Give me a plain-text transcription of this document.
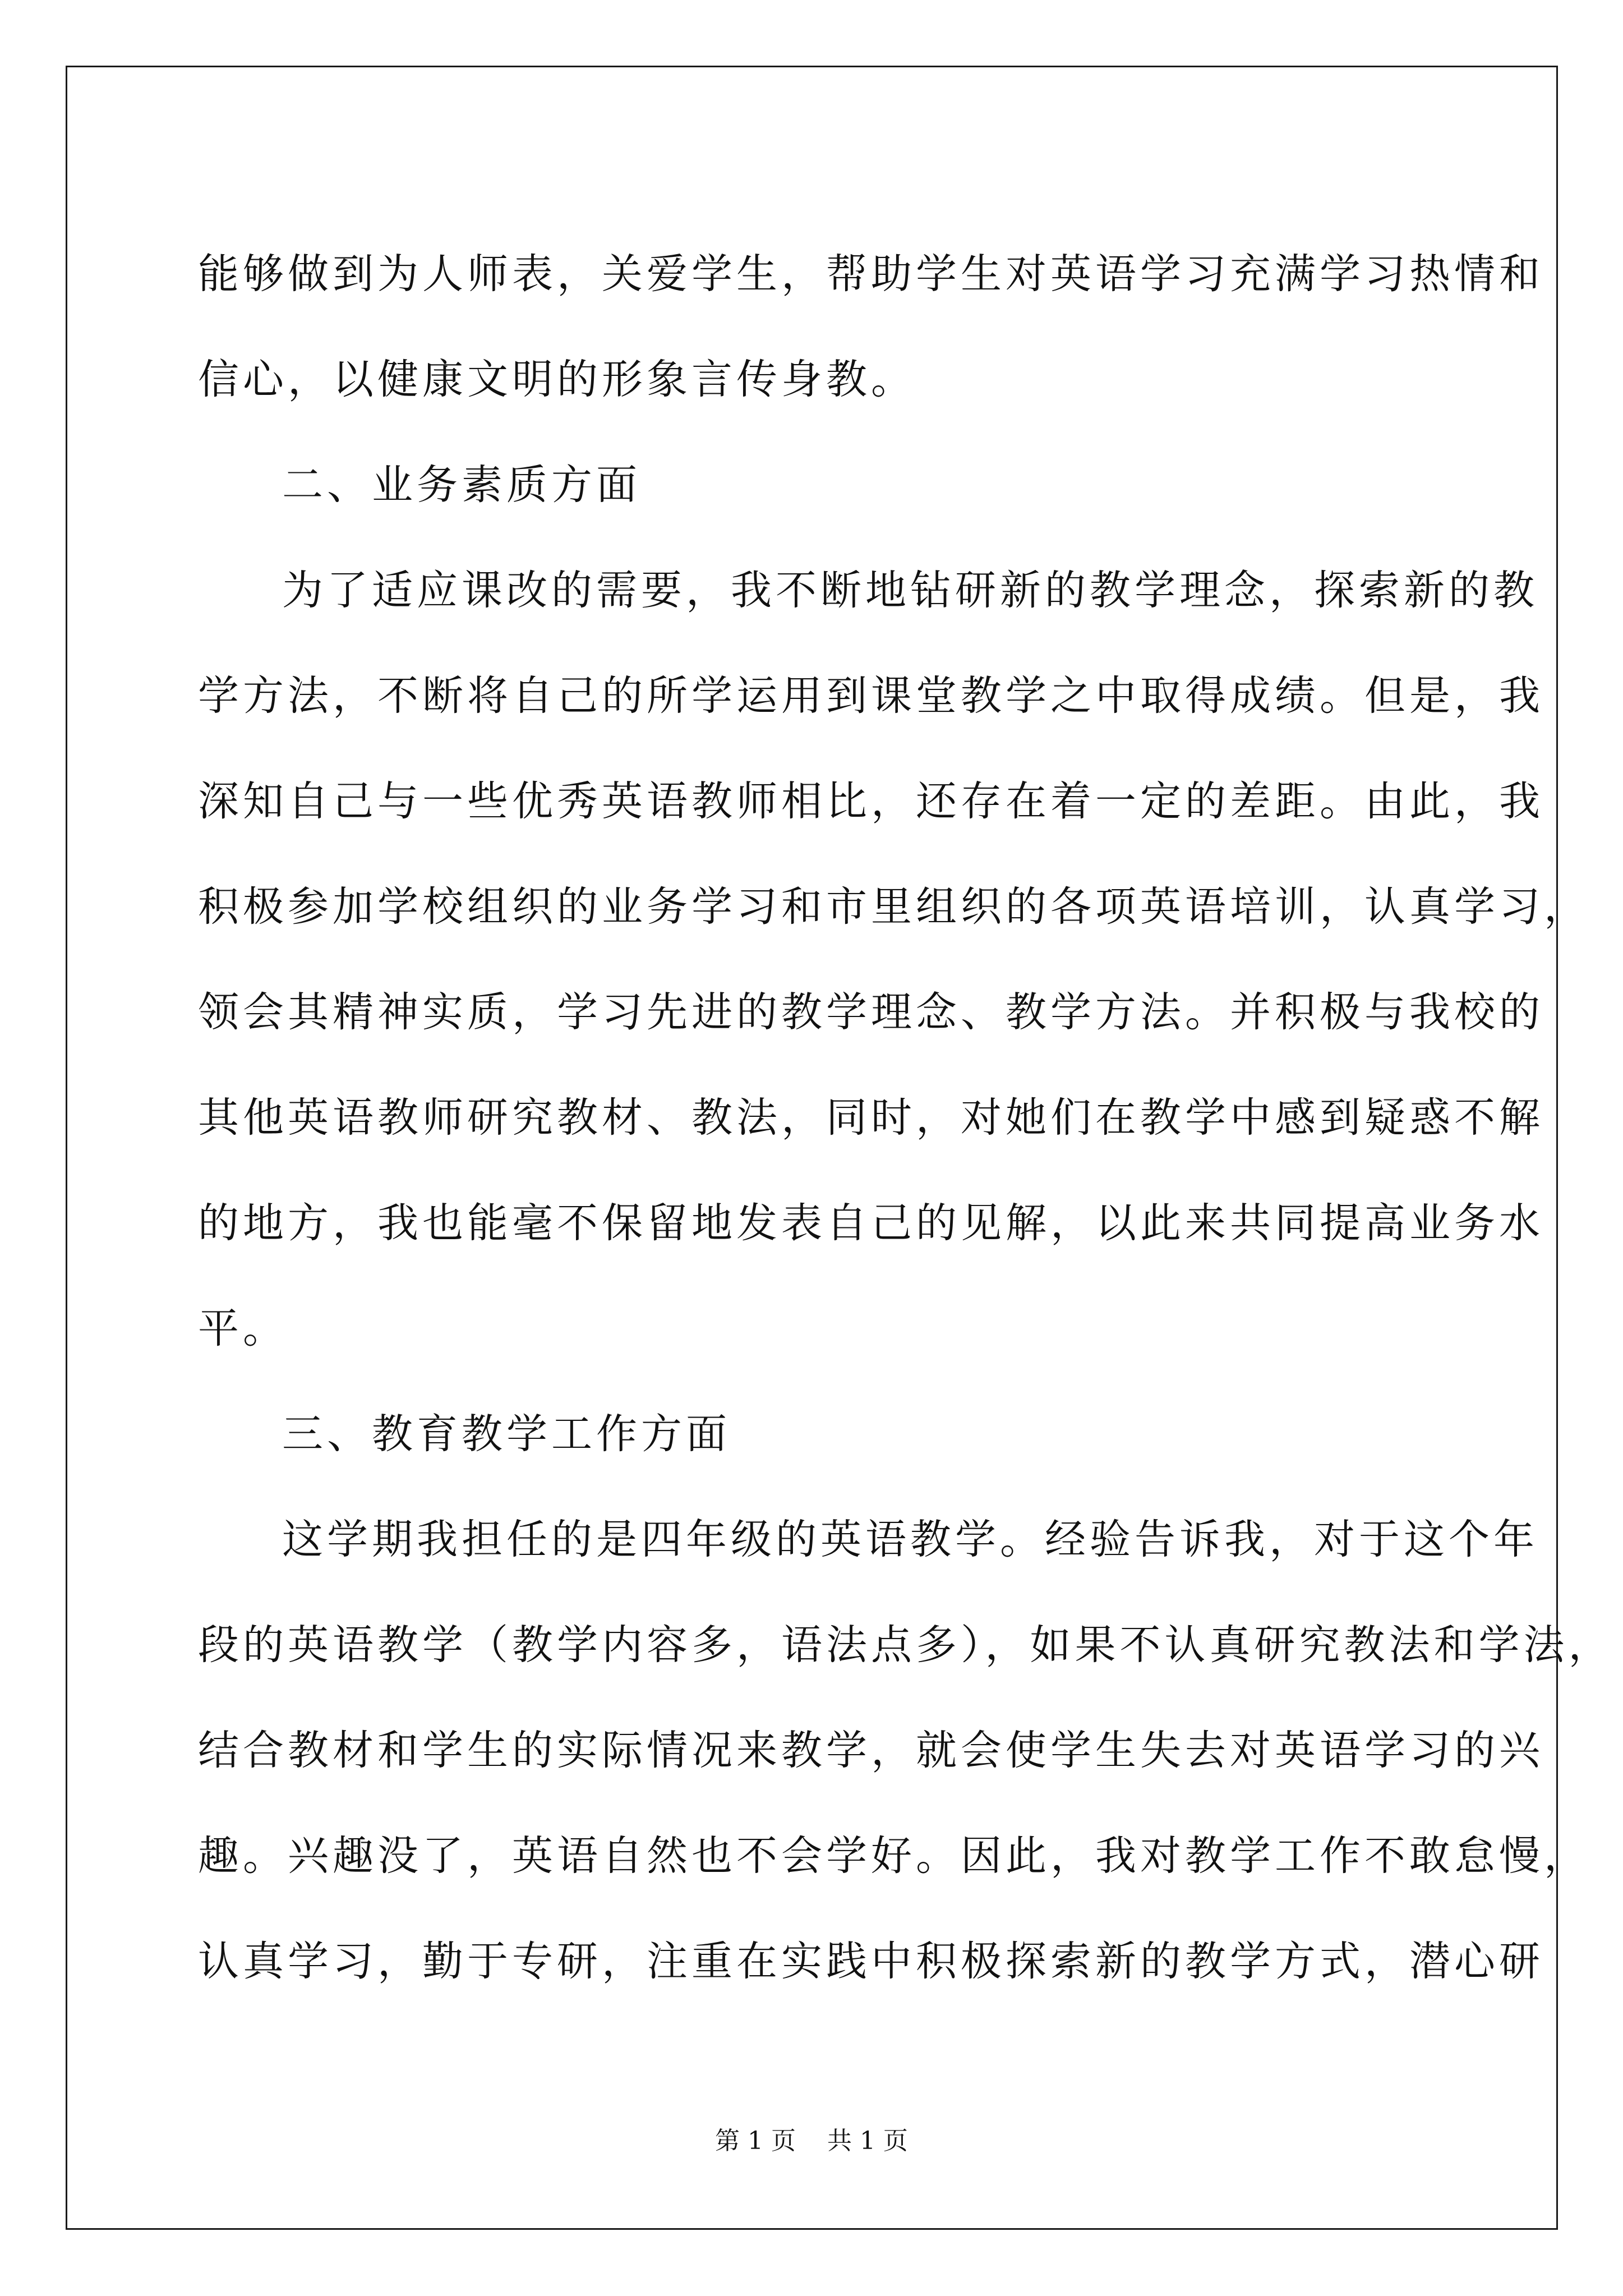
能够做到为人师表，关爱学生，帮助学生对英语学习充满学习热情和
信心，以健康文明的形象言传身教。
二、业务素质方面
为了适应课改的需要，我不断地钻研新的教学理念，探索新的教
学方法，不断将自己的所学运用到课堂教学之中取得成绩。但是，我
深知自己与一些优秀英语教师相比，还存在着一定的差距。由此，我
积极参加学校组织的业务学习和市里组织的各项英语培训，认真学习，
领会其精神实质，学习先进的教学理念、教学方法。并积极与我校的
其他英语教师研究教材、教法，同时，对她们在教学中感到疑惑不解
的地方，我也能毫不保留地发表自己的见解，以此来共同提高业务水
平。
三、教育教学工作方面
这学期我担任的是四年级的英语教学。经验告诉我，对于这个年
段的英语教学（教学内容多，语法点多），如果不认真研究教法和学法，
结合教材和学生的实际情况来教学，就会使学生失去对英语学习的兴
趣。兴趣没了，英语自然也不会学好。因此，我对教学工作不敢怠慢，
认真学习，勤于专研，注重在实践中积极探索新的教学方式，潜心研
第 1 页 共 1 页
